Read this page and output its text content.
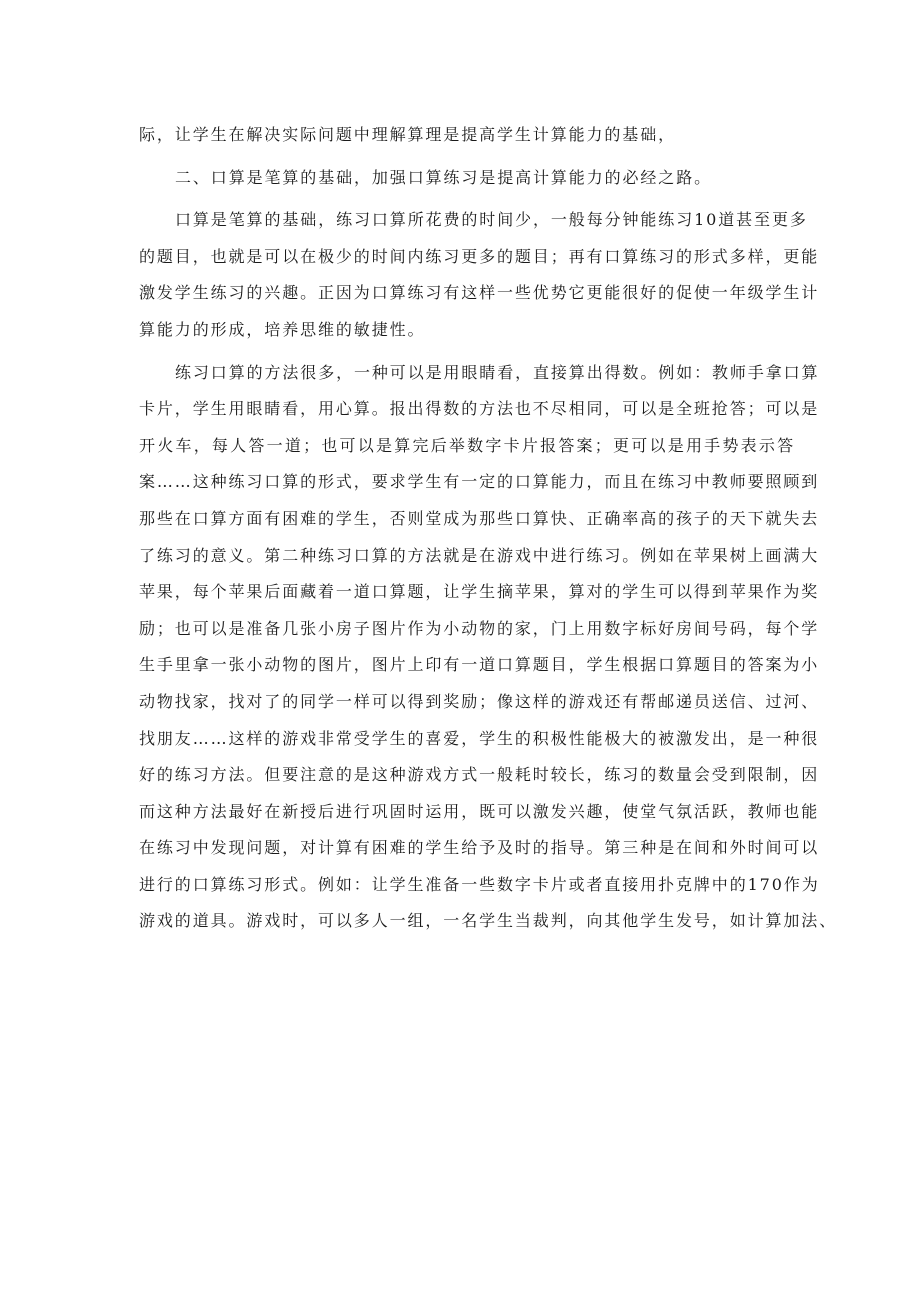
际，让学生在解决实际问题中理解算理是提高学生计算能力的基础，
二、口算是笔算的基础，加强口算练习是提高计算能力的必经之路。
口算是笔算的基础，练习口算所花费的时间少，一般每分钟能练习10道甚至更多
的题目，也就是可以在极少的时间内练习更多的题目；再有口算练习的形式多样，更能
激发学生练习的兴趣。正因为口算练习有这样一些优势它更能很好的促使一年级学生计
算能力的形成，培养思维的敏捷性。
练习口算的方法很多，一种可以是用眼睛看，直接算出得数。例如：教师手拿口算
卡片，学生用眼睛看，用心算。报出得数的方法也不尽相同，可以是全班抢答；可以是
开火车，每人答一道；也可以是算完后举数字卡片报答案；更可以是用手势表示答
案……这种练习口算的形式，要求学生有一定的口算能力，而且在练习中教师要照顾到
那些在口算方面有困难的学生，否则堂成为那些口算快、正确率高的孩子的天下就失去
了练习的意义。第二种练习口算的方法就是在游戏中进行练习。例如在苹果树上画满大
苹果，每个苹果后面藏着一道口算题，让学生摘苹果，算对的学生可以得到苹果作为奖
励；也可以是准备几张小房子图片作为小动物的家，门上用数字标好房间号码，每个学
生手里拿一张小动物的图片，图片上印有一道口算题目，学生根据口算题目的答案为小
动物找家，找对了的同学一样可以得到奖励；像这样的游戏还有帮邮递员送信、过河、
找朋友……这样的游戏非常受学生的喜爱，学生的积极性能极大的被激发出，是一种很
好的练习方法。但要注意的是这种游戏方式一般耗时较长，练习的数量会受到限制，因
而这种方法最好在新授后进行巩固时运用，既可以激发兴趣，使堂气氛活跃，教师也能
在练习中发现问题，对计算有困难的学生给予及时的指导。第三种是在间和外时间可以
进行的口算练习形式。例如：让学生准备一些数字卡片或者直接用扑克牌中的170作为
游戏的道具。游戏时，可以多人一组，一名学生当裁判，向其他学生发号，如计算加法、
